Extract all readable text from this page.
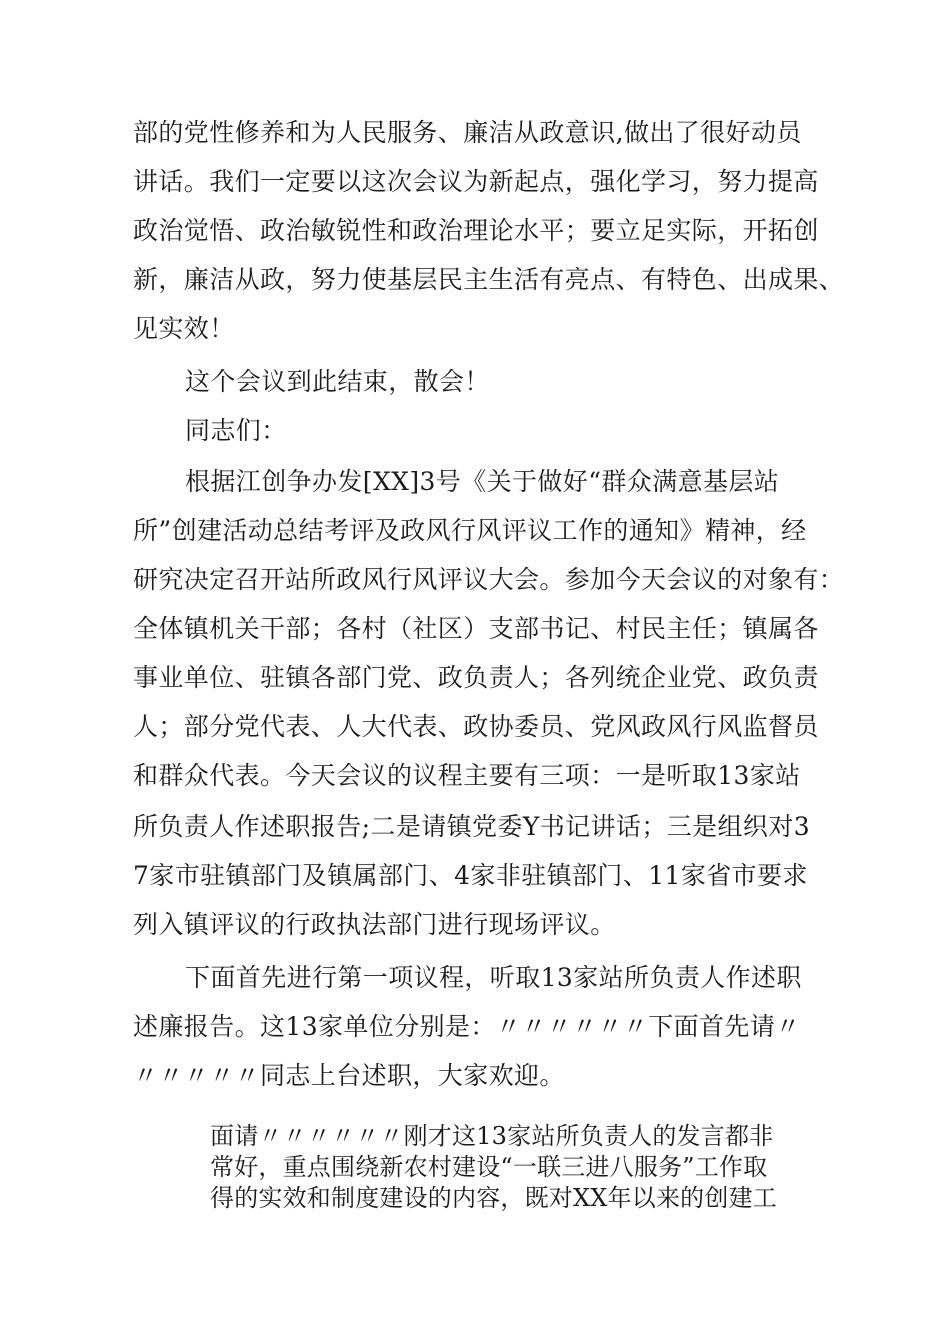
部的党性修养和为人民服务、廉洁从政意识,做出了很好动员
讲话。我们一定要以这次会议为新起点，强化学习，努力提高
政治觉悟、政治敏锐性和政治理论水平；要立足实际，开拓创
新，廉洁从政，努力使基层民主生活有亮点、有特色、出成果、
见实效！
这个会议到此结束，散会！
同志们：
根据江创争办发[XX]3号《关于做好“群众满意基层站
所”创建活动总结考评及政风行风评议工作的通知》精神，经
研究决定召开站所政风行风评议大会。参加今天会议的对象有：
全体镇机关干部；各村（社区）支部书记、村民主任；镇属各
事业单位、驻镇各部门党、政负责人；各列统企业党、政负责
人；部分党代表、人大代表、政协委员、党风政风行风监督员
和群众代表。今天会议的议程主要有三项：一是听取13家站
所负责人作述职报告;二是请镇党委Y书记讲话；三是组织对3
7家市驻镇部门及镇属部门、4家非驻镇部门、11家省市要求
列入镇评议的行政执法部门进行现场评议。
下面首先进行第一项议程，听取13家站所负责人作述职
述廉报告。这13家单位分别是：〃〃〃〃〃〃下面首先请〃
〃〃〃〃〃同志上台述职，大家欢迎。
面请〃〃〃〃〃〃刚才这13家站所负责人的发言都非
常好，重点围绕新农村建设“一联三进八服务”工作取
得的实效和制度建设的内容，既对XX年以来的创建工
